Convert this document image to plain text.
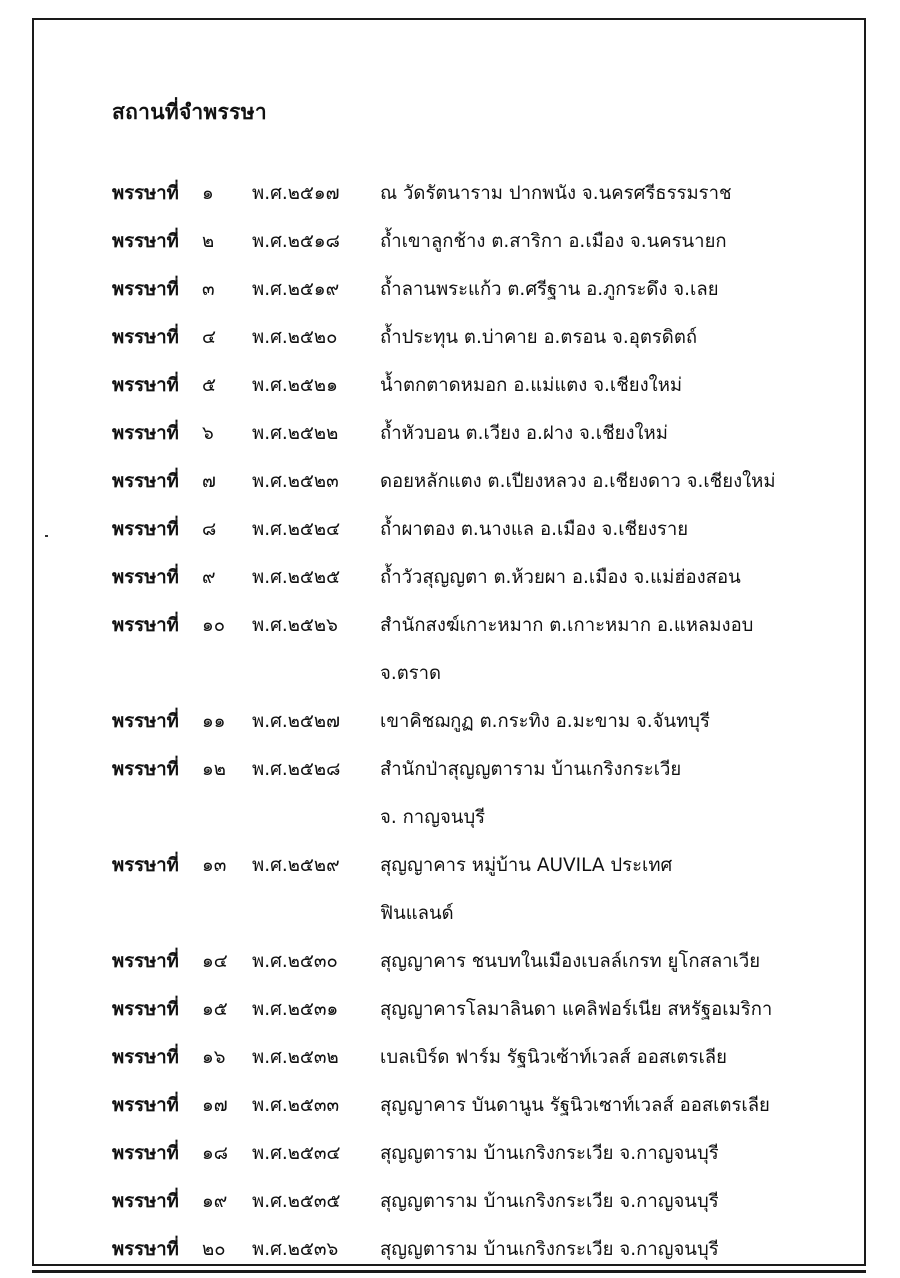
สถานที่จำพรรษา
พรรษาที่	๑	พ.ศ.๒๕๑๗	ณ วัดรัตนาราม ปากพนัง จ.นครศรีธรรมราช
พรรษาที่	๒	พ.ศ.๒๕๑๘	ถ้ำเขาลูกช้าง ต.สาริกา อ.เมือง จ.นครนายก
พรรษาที่	๓	พ.ศ.๒๕๑๙	ถ้ำลานพระแก้ว ต.ศรีฐาน อ.ภูกระดึง จ.เลย
พรรษาที่	๔	พ.ศ.๒๕๒๐	ถ้ำประทุน ต.บ่าคาย อ.ตรอน จ.อุตรดิตถ์
พรรษาที่	๕	พ.ศ.๒๕๒๑	น้ำตกตาดหมอก อ.แม่แตง จ.เชียงใหม่
พรรษาที่	๖	พ.ศ.๒๕๒๒	ถ้ำหัวบอน ต.เวียง อ.ฝาง จ.เชียงใหม่
พรรษาที่	๗	พ.ศ.๒๕๒๓	ดอยหลักแตง ต.เปียงหลวง อ.เชียงดาว จ.เชียงใหม่
พรรษาที่	๘	พ.ศ.๒๕๒๔	ถ้ำผาตอง ต.นางแล อ.เมือง จ.เชียงราย
พรรษาที่	๙	พ.ศ.๒๕๒๕	ถ้ำวัวสุญญตา ต.ห้วยผา อ.เมือง จ.แม่ฮ่องสอน
พรรษาที่	๑๐	พ.ศ.๒๕๒๖	สำนักสงฆ์เกาะหมาก ต.เกาะหมาก อ.แหลมงอบ
จ.ตราด
พรรษาที่	๑๑	พ.ศ.๒๕๒๗	เขาคิชฌกูฏ ต.กระทิง อ.มะขาม จ.จันทบุรี
พรรษาที่	๑๒	พ.ศ.๒๕๒๘	สำนักป่าสุญญตาราม บ้านเกริงกระเวีย
จ. กาญจนบุรี
พรรษาที่	๑๓	พ.ศ.๒๕๒๙	สุญญาคาร หมู่บ้าน AUVILA ประเทศ
ฟินแลนด์
พรรษาที่	๑๔	พ.ศ.๒๕๓๐	สุญญาคาร ชนบทในเมืองเบลล์เกรท ยูโกสลาเวีย
พรรษาที่	๑๕	พ.ศ.๒๕๓๑	สุญญาคารโลมาลินดา แคลิฟอร์เนีย สหรัฐอเมริกา
พรรษาที่	๑๖	พ.ศ.๒๕๓๒	เบลเบิร์ด ฟาร์ม รัฐนิวเซ้าท์เวลส์ ออสเตรเลีย
พรรษาที่	๑๗	พ.ศ.๒๕๓๓	สุญญาคาร บันดานูน รัฐนิวเซาท์เวลส์ ออสเตรเลีย
พรรษาที่	๑๘	พ.ศ.๒๕๓๔	สุญญตาราม บ้านเกริงกระเวีย จ.กาญจนบุรี
พรรษาที่	๑๙	พ.ศ.๒๕๓๕	สุญญตาราม บ้านเกริงกระเวีย จ.กาญจนบุรี
พรรษาที่	๒๐	พ.ศ.๒๕๓๖	สุญญตาราม บ้านเกริงกระเวีย จ.กาญจนบุรี
